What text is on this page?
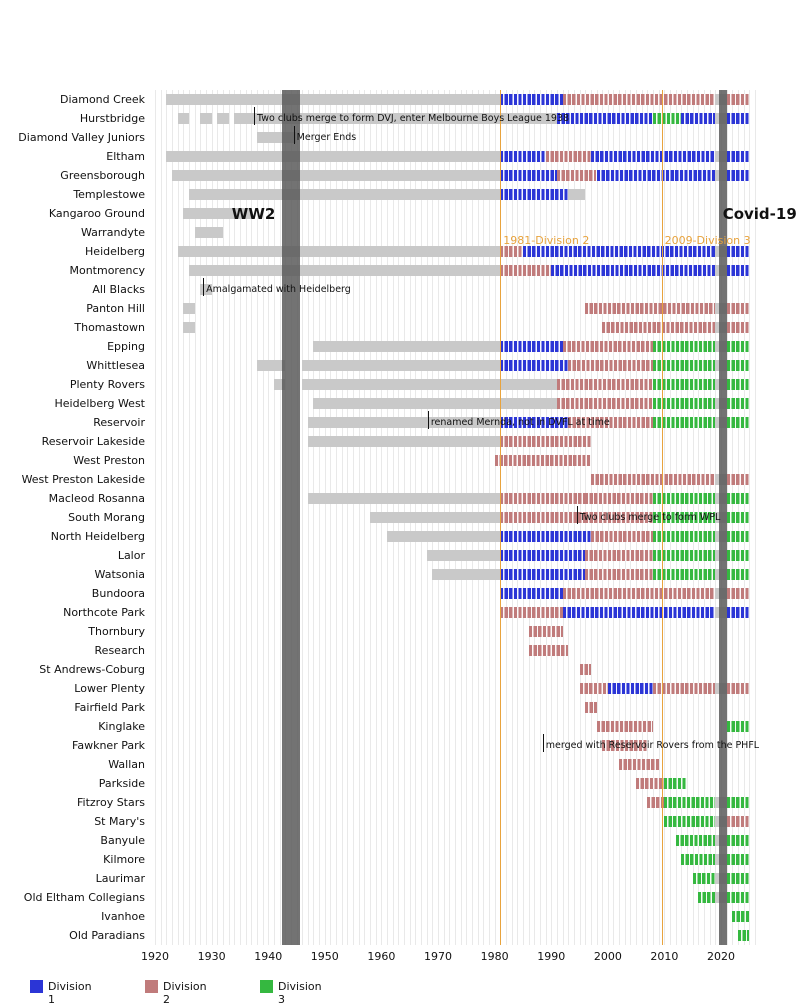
Diamond Creek
Hurstbridge
Diamond Valley Juniors
Eltham
Greensborough
Templestowe
Kangaroo Ground
Warrandyte
Heidelberg
Montmorency
All Blacks
Panton Hill
Thomastown
Epping
Whittlesea
Plenty Rovers
Heidelberg West
Reservoir
Reservoir Lakeside
West Preston
West Preston Lakeside
Macleod Rosanna
South Morang
North Heidelberg
Lalor
Watsonia
Bundoora
Northcote Park
Thornbury
Research
St Andrews-Coburg
Lower Plenty
Fairfield Park
Kinglake
Fawkner Park
Wallan
Parkside
Fitzroy Stars
St Mary's
Banyule
Kilmore
Laurimar
Old Eltham Collegians
Ivanhoe
Old Paradians
WW2	Covid-19
1981-Division 2	2009-Division 3
Two clubs merge to form DVJ, enter Melbourne Boys League 1938
Merger Ends
Amalgamated with Heidelberg
renamed Mernda, not in DVFL at time
Two clubs merge to form WPL
merged with Reservoir Rovers from the PHFL
1920	1930	1940	1950	1960	1970	1980	1990	2000	2010	2020
Division 1
Division 2
Division 3
